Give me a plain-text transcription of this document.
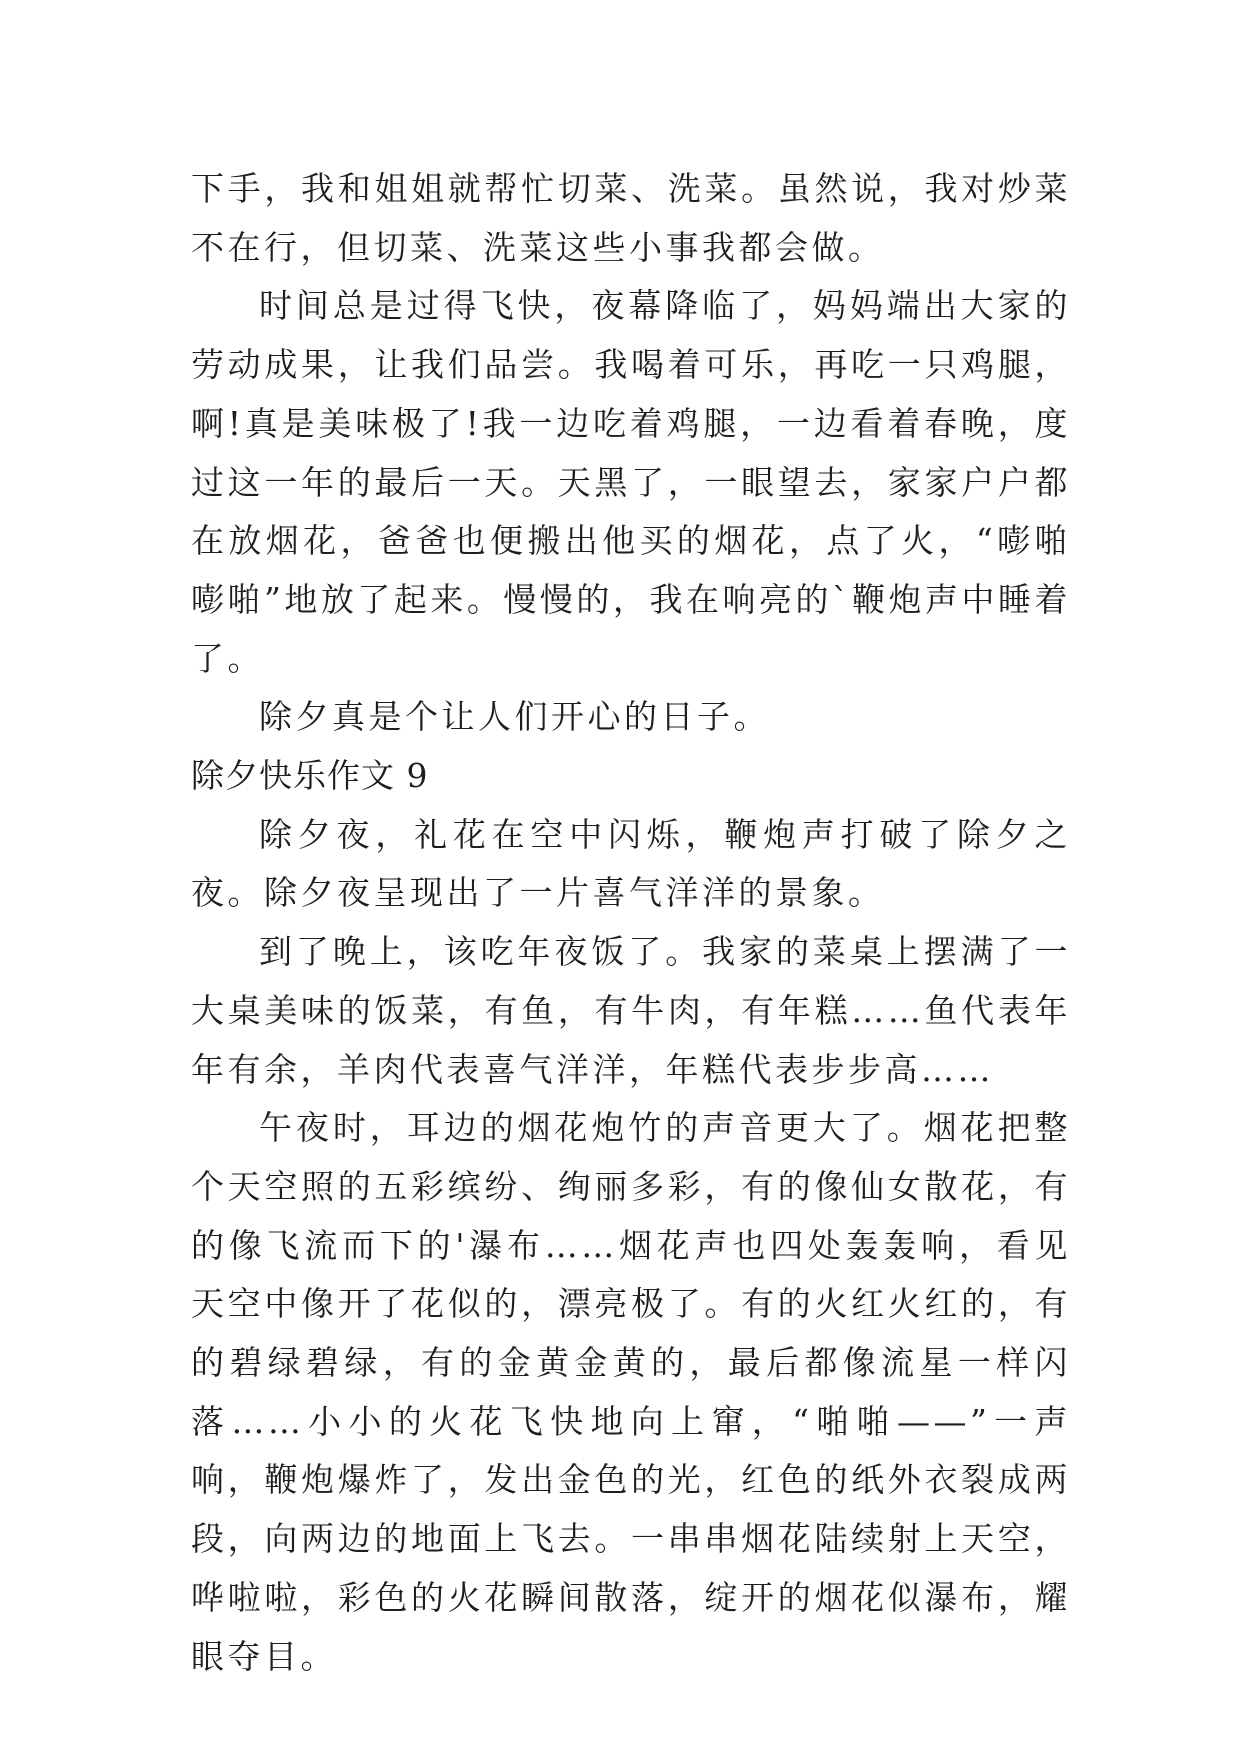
下手，我和姐姐就帮忙切菜、洗菜。虽然说，我对炒菜不在行，但切菜、洗菜这些小事我都会做。

时间总是过得飞快，夜幕降临了，妈妈端出大家的劳动成果，让我们品尝。我喝着可乐，再吃一只鸡腿，啊!真是美味极了!我一边吃着鸡腿，一边看着春晚，度过这一年的最后一天。天黑了，一眼望去，家家户户都在放烟花，爸爸也便搬出他买的烟花，点了火，“嘭啪嘭啪”地放了起来。慢慢的，我在响亮的`鞭炮声中睡着了。

除夕真是个让人们开心的日子。

除夕快乐作文 9

除夕夜，礼花在空中闪烁，鞭炮声打破了除夕之夜。除夕夜呈现出了一片喜气洋洋的景象。

到了晚上，该吃年夜饭了。我家的菜桌上摆满了一大桌美味的饭菜，有鱼，有牛肉，有年糕……鱼代表年年有余，羊肉代表喜气洋洋，年糕代表步步高……

午夜时，耳边的烟花炮竹的声音更大了。烟花把整个天空照的五彩缤纷、绚丽多彩，有的像仙女散花，有的像飞流而下的'瀑布……烟花声也四处轰轰响，看见天空中像开了花似的，漂亮极了。有的火红火红的，有的碧绿碧绿，有的金黄金黄的，最后都像流星一样闪落……小小的火花飞快地向上窜，“啪啪——”一声响，鞭炮爆炸了，发出金色的光，红色的纸外衣裂成两段，向两边的地面上飞去。一串串烟花陆续射上天空，哗啦啦，彩色的火花瞬间散落，绽开的烟花似瀑布，耀眼夺目。
